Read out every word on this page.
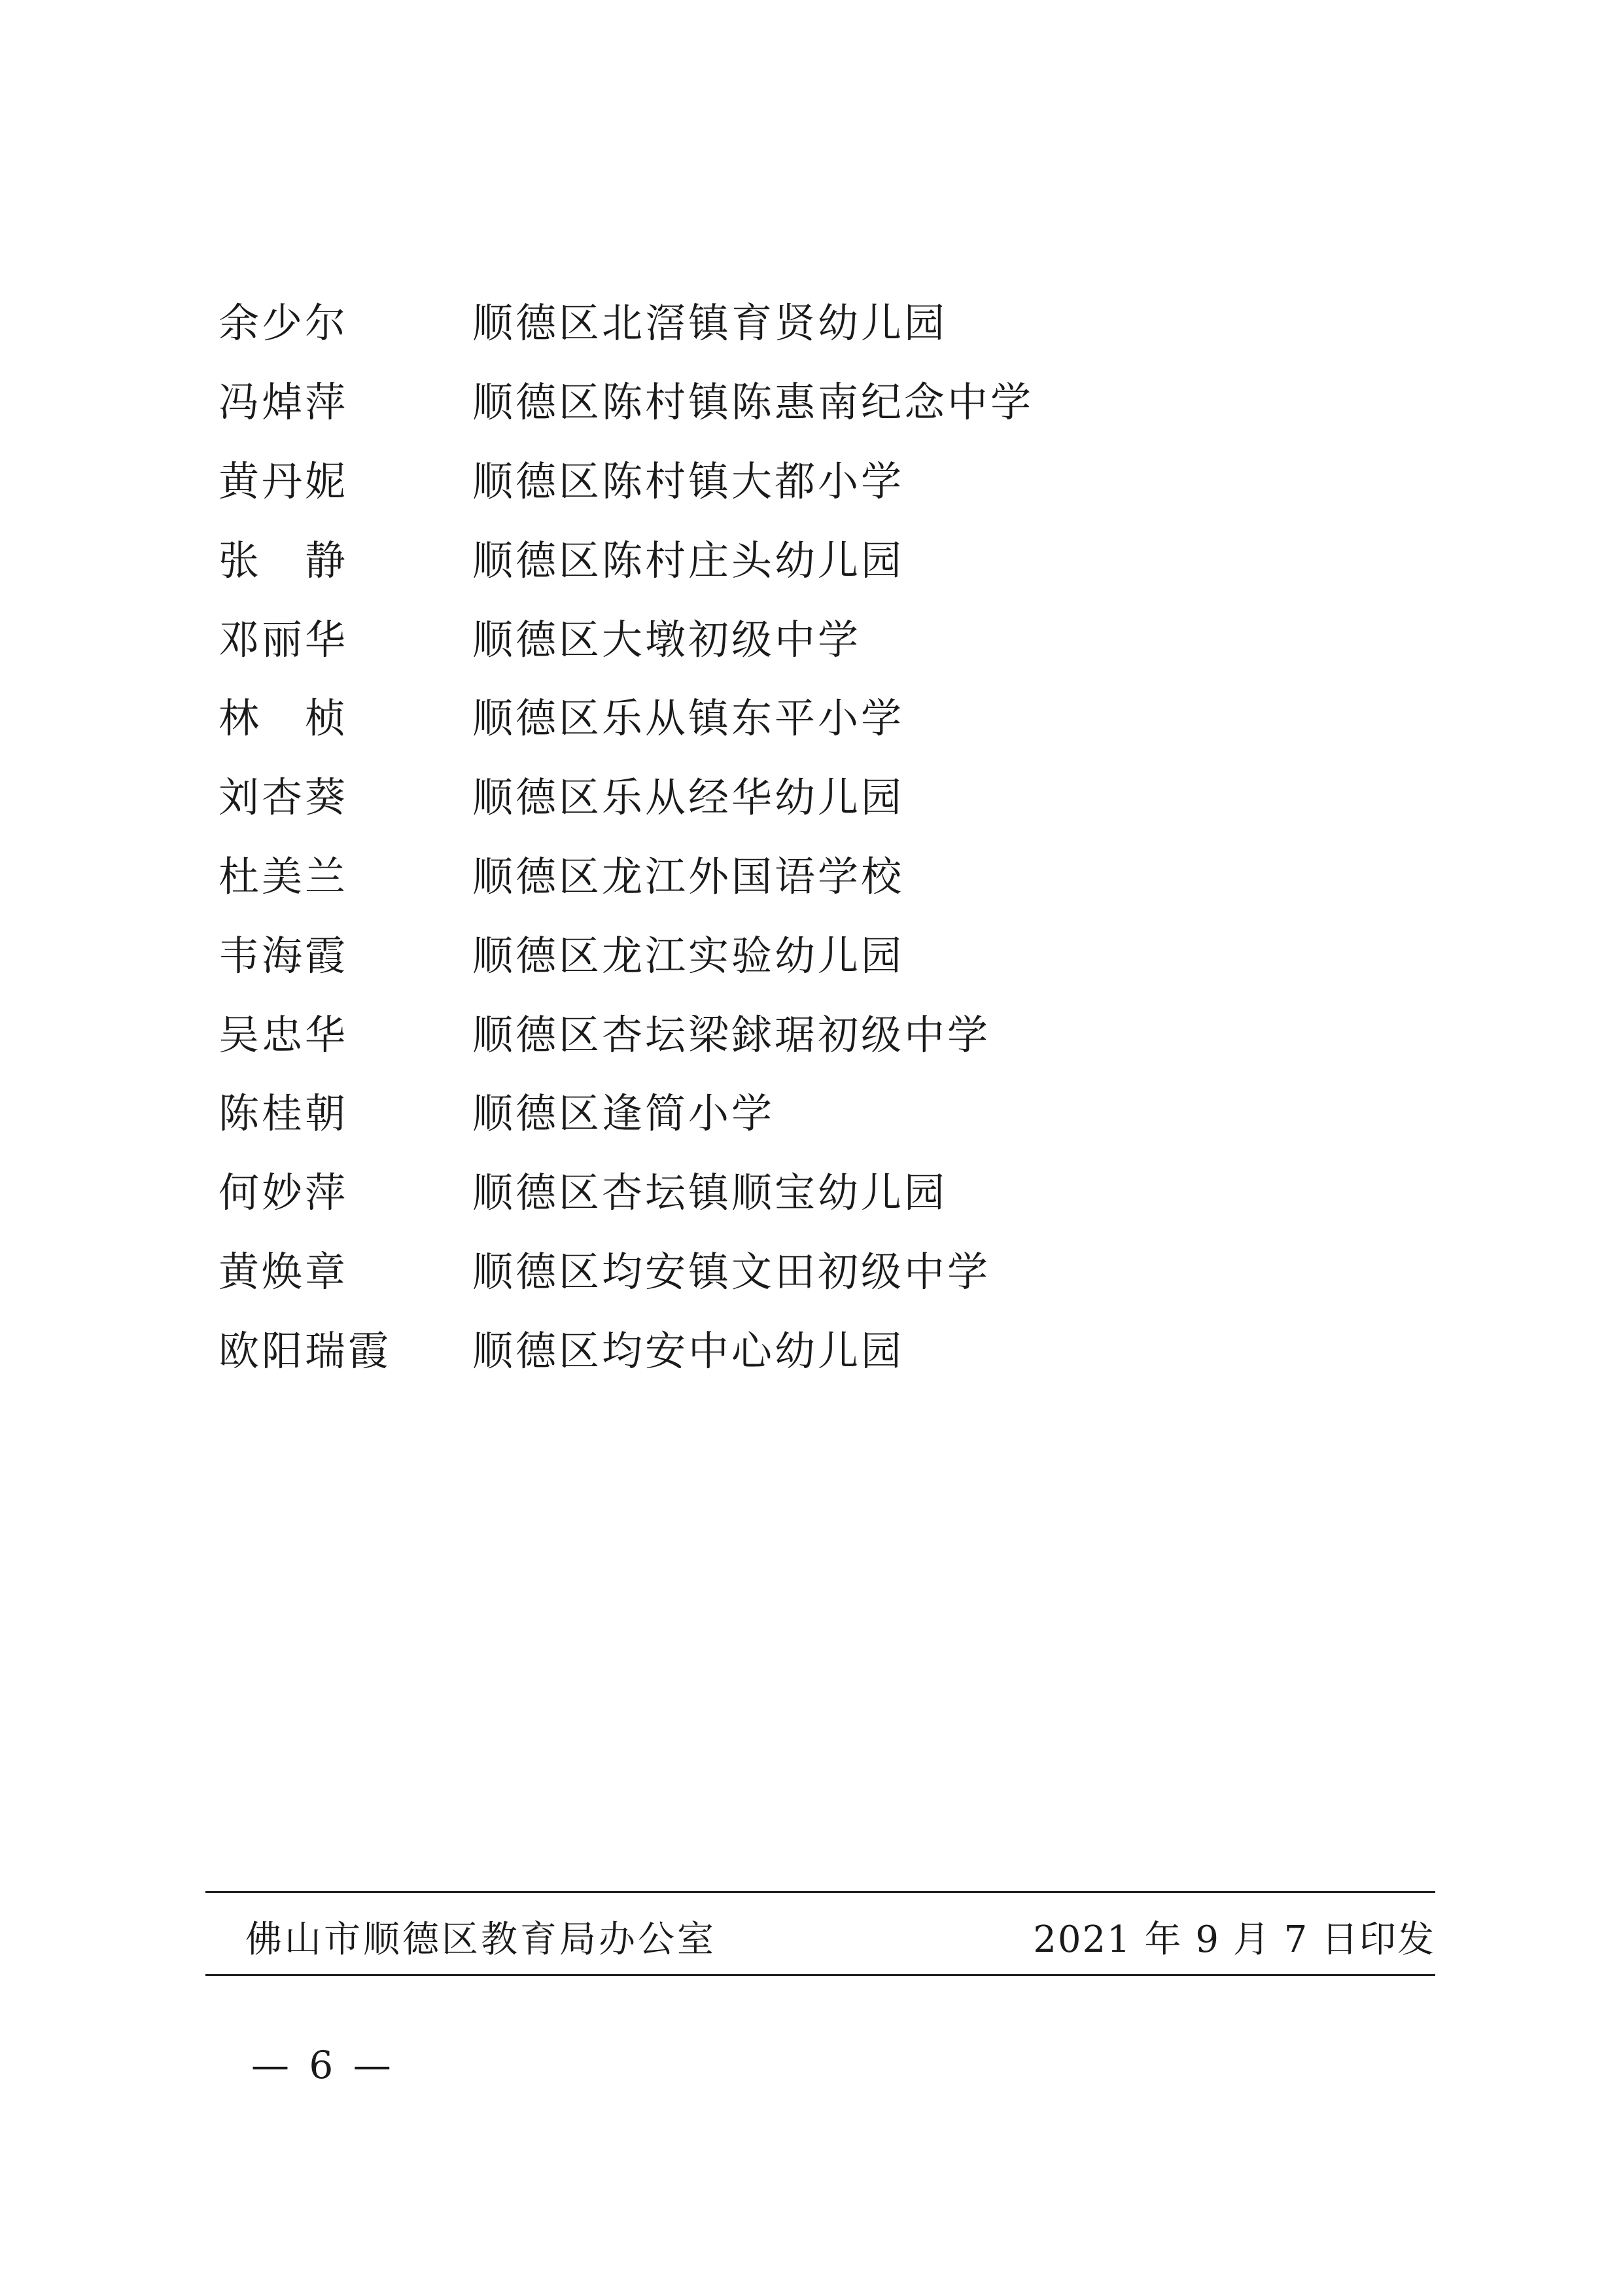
余少尔	顺德区北滘镇育贤幼儿园
冯焯萍	顺德区陈村镇陈惠南纪念中学
黄丹妮	顺德区陈村镇大都小学
张　静	顺德区陈村庄头幼儿园
邓丽华	顺德区大墩初级中学
林　桢	顺德区乐从镇东平小学
刘杏葵	顺德区乐从经华幼儿园
杜美兰	顺德区龙江外国语学校
韦海霞	顺德区龙江实验幼儿园
吴忠华	顺德区杏坛梁銶琚初级中学
陈桂朝	顺德区逢简小学
何妙萍	顺德区杏坛镇顺宝幼儿园
黄焕章	顺德区均安镇文田初级中学
欧阳瑞霞	顺德区均安中心幼儿园
佛山市顺德区教育局办公室	2021 年 9 月 7 日印发
— 6 —
